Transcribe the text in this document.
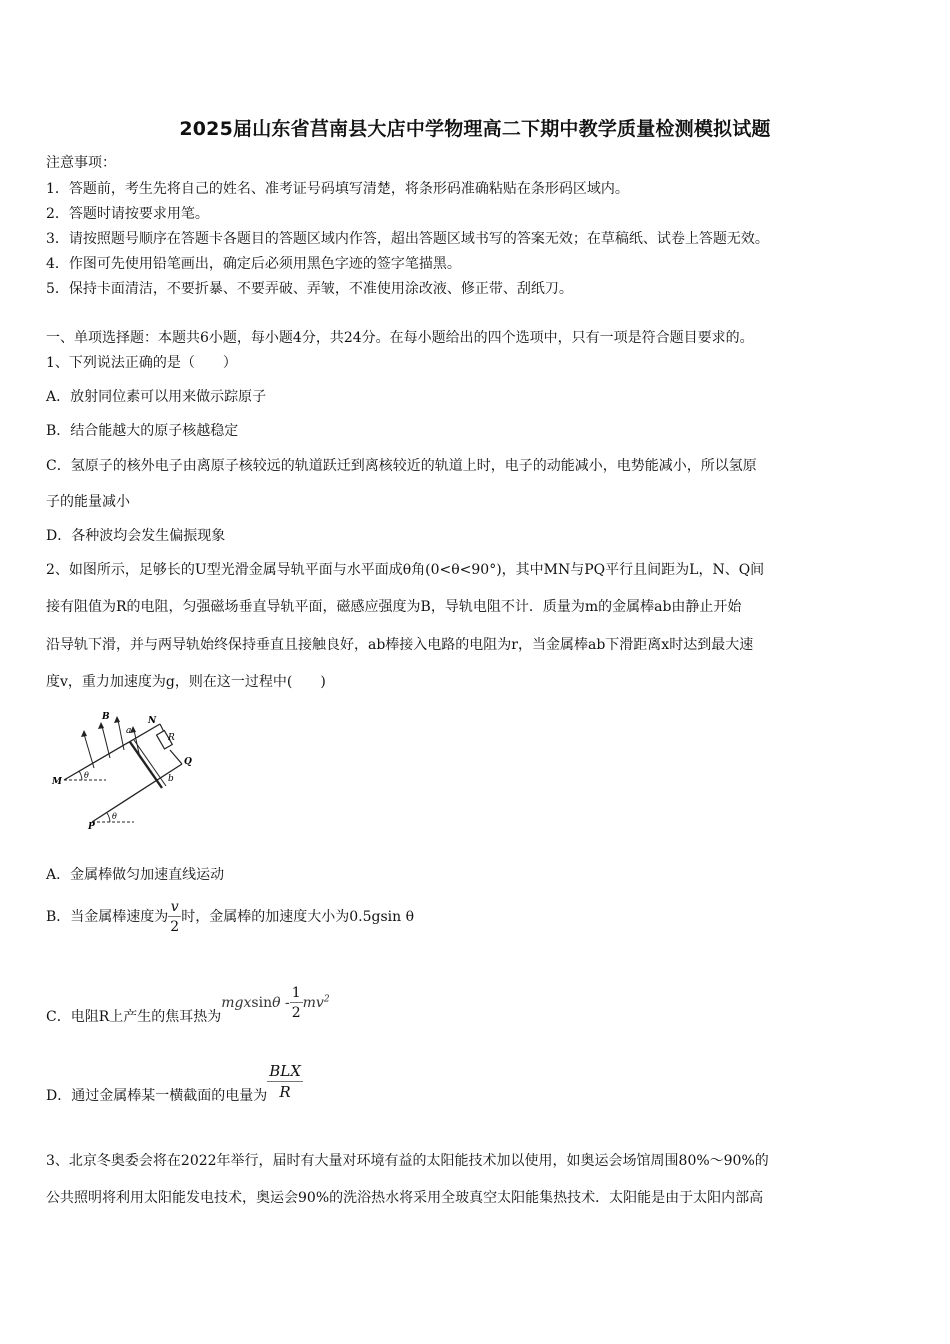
2025届山东省莒南县大店中学物理高二下期中教学质量检测模拟试题
注意事项：
1．答题前，考生先将自己的姓名、准考证号码填写清楚，将条形码准确粘贴在条形码区域内。
2．答题时请按要求用笔。
3．请按照题号顺序在答题卡各题目的答题区域内作答，超出答题区域书写的答案无效；在草稿纸、试卷上答题无效。
4．作图可先使用铅笔画出，确定后必须用黑色字迹的签字笔描黑。
5．保持卡面清洁，不要折暴、不要弄破、弄皱，不准使用涂改液、修正带、刮纸刀。
一、单项选择题：本题共6小题，每小题4分，共24分。在每小题给出的四个选项中，只有一项是符合题目要求的。
1、下列说法正确的是（　　）
A．放射同位素可以用来做示踪原子
B．结合能越大的原子核越稳定
C．氢原子的核外电子由离原子核较远的轨道跃迁到离核较近的轨道上时，电子的动能减小，电势能减小，所以氢原
子的能量减小
D．各种波均会发生偏振现象
2、如图所示，足够长的U型光滑金属导轨平面与水平面成θ角(0<θ<90°)，其中MN与PQ平行且间距为L，N、Q间
接有阻值为R的电阻，匀强磁场垂直导轨平面，磁感应强度为B，导轨电阻不计．质量为m的金属棒ab由静止开始
沿导轨下滑，并与两导轨始终保持垂直且接触良好，ab棒接入电路的电阻为r，当金属棒ab下滑距离x时达到最大速
度v，重力加速度为g，则在这一过程中(　　)
B
a
N
R
Q
b
M
θ
P
θ
A．金属棒做匀加速直线运动
B．当金属棒速度为 $\frac{v}{2}$ 时，金属棒的加速度大小为0.5gsin θ
C．电阻R上产生的焦耳热为mgxsinθ - $\frac{1}{2} mv^2$
D．通过金属棒某一横截面的电量为 $\frac{\text{BLX}}{R}$
3、北京冬奥委会将在2022年举行，届时有大量对环境有益的太阳能技术加以使用，如奥运会场馆周围80%～90%的
公共照明将利用太阳能发电技术，奥运会90%的洗浴热水将采用全玻真空太阳能集热技术．太阳能是由于太阳内部高
